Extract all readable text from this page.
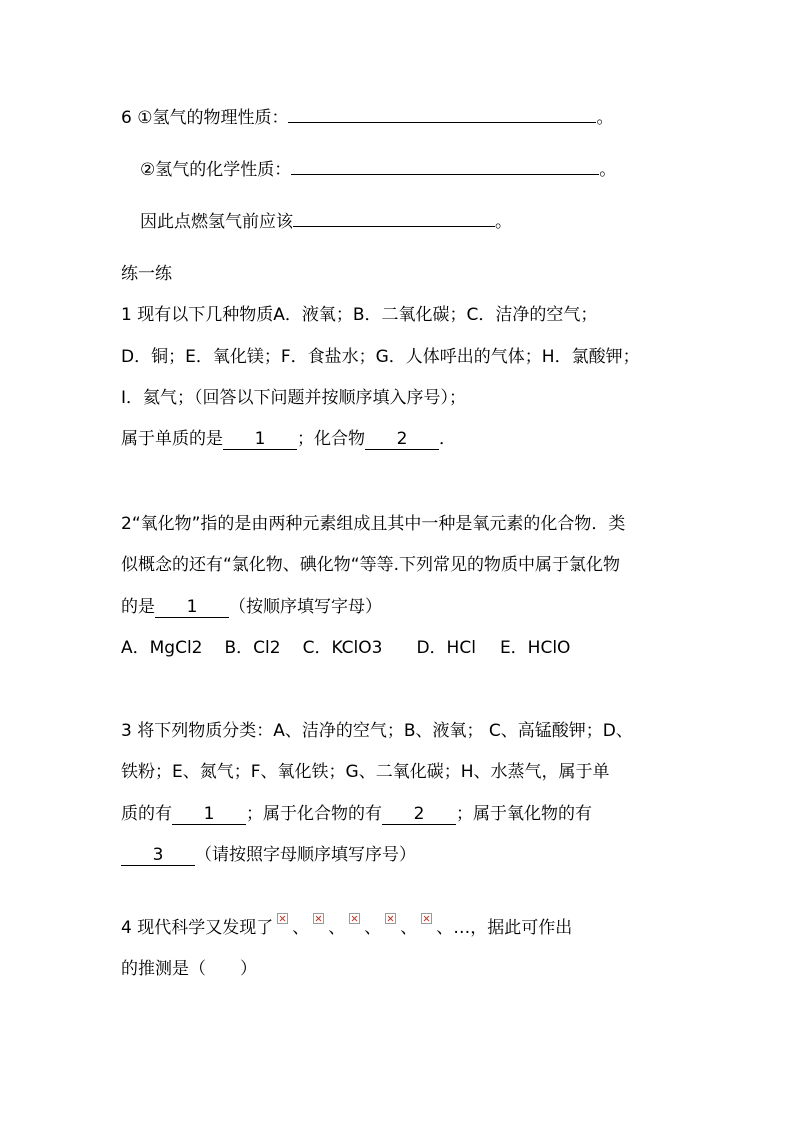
6 ①氢气的物理性质：	。
②氢气的化学性质：	。
因此点燃氢气前应该	。
练一练
1 现有以下几种物质A．液氧；B．二氧化碳；C．洁净的空气；
D．铜；E．氧化镁；F．食盐水；G．人体呼出的气体；H．氯酸钾；
I．氦气；（回答以下问题并按顺序填入序号）；
属于单质的是 1 ；化合物 2 ．
2“氧化物”指的是由两种元素组成且其中一种是氧元素的化合物．类
似概念的还有“氯化物、碘化物“等等.下列常见的物质中属于氯化物
的是 1 （按顺序填写字母）
A．MgCl2 B．Cl2 C．KClO3 D．HCl E．HClO
3 将下列物质分类：A、洁净的空气；B、液氧； C、高锰酸钾；D、
铁粉；E、氮气；F、氧化铁；G、二氧化碳；H、水蒸气，属于单
质的有 1 ；属于化合物的有 2 ；属于氧化物的有
3 （请按照字母顺序填写序号）
4 现代科学又发现了 、 、 、 、 、…，据此可作出
的推测是（　　）
